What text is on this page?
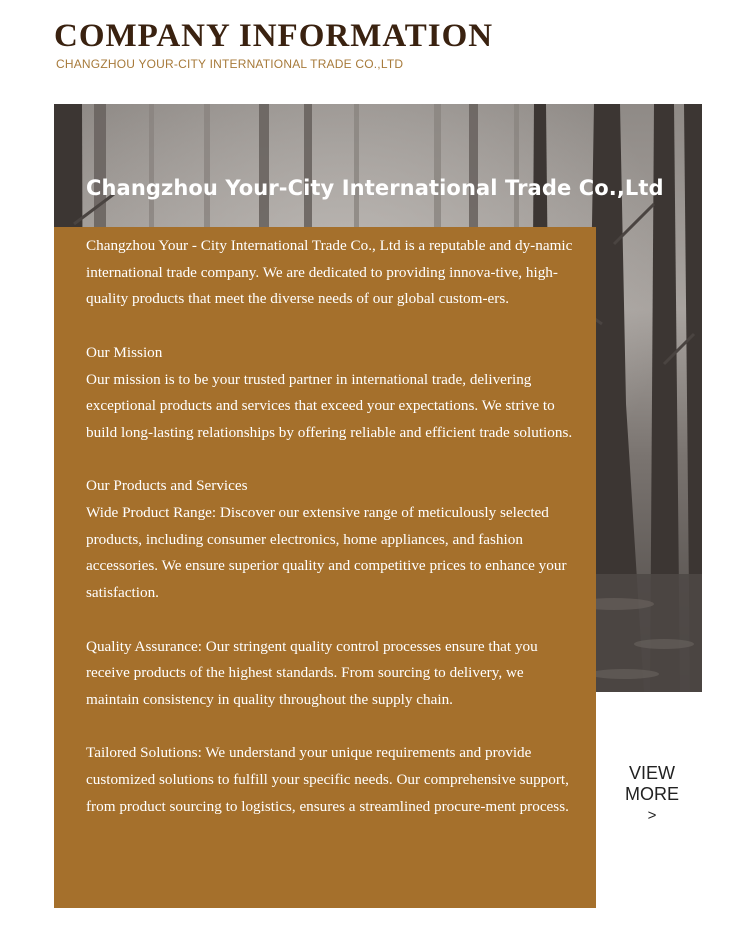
COMPANY INFORMATION
CHANGZHOU YOUR-CITY INTERNATIONAL TRADE CO.,LTD
Changzhou Your-City International Trade Co.,Ltd

Changzhou Your - City International Trade Co., Ltd is a reputable and dy-namic international trade company. We are dedicated to providing innova-tive, high-quality products that meet the diverse needs of our global custom-ers.

Our Mission
Our mission is to be your trusted partner in international trade, delivering exceptional products and services that exceed your expectations. We strive to build long-lasting relationships by offering reliable and efficient trade solutions.

Our Products and Services
Wide Product Range: Discover our extensive range of meticulously selected products, including consumer electronics, home appliances, and fashion accessories. We ensure superior quality and competitive prices to enhance your satisfaction.

Quality Assurance: Our stringent quality control processes ensure that you receive products of the highest standards. From sourcing to delivery, we maintain consistency in quality throughout the supply chain.

Tailored Solutions: We understand your unique requirements and provide customized solutions to fulfill your specific needs. Our comprehensive support, from product sourcing to logistics, ensures a streamlined procure-ment process.

VIEW
MORE
>
